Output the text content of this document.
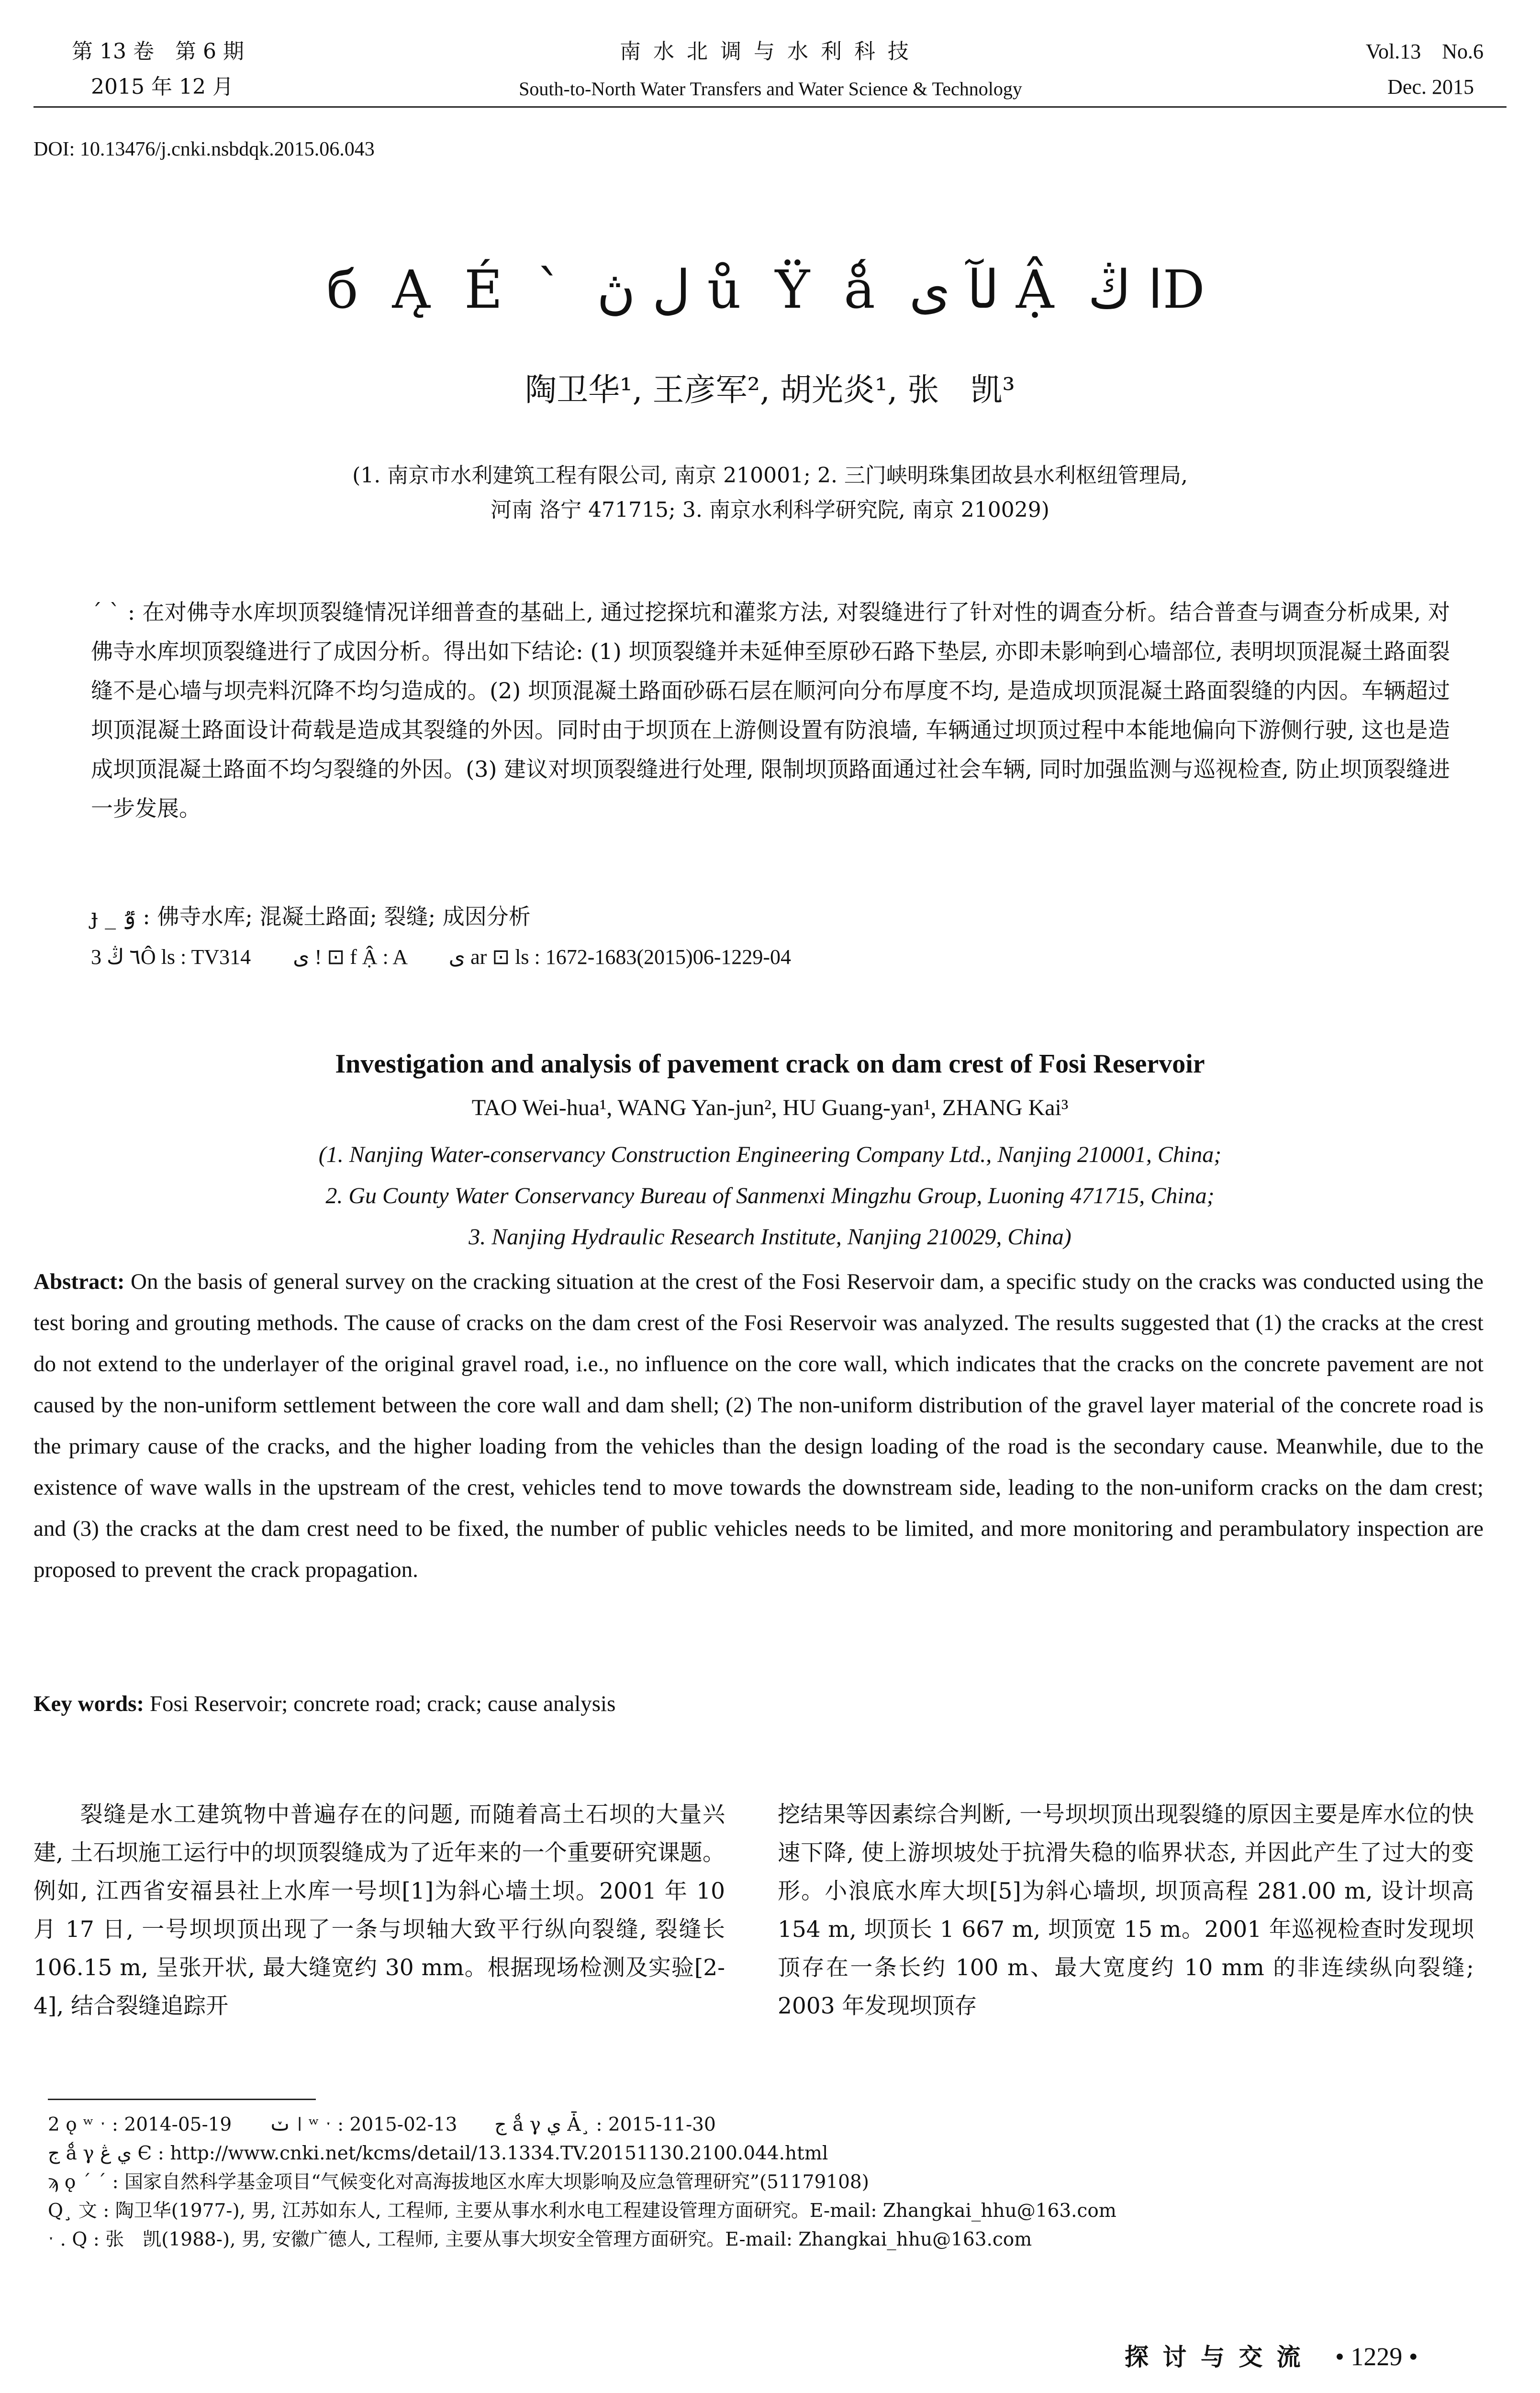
第 13 卷　第 6 期
2015 年 12 月
南 水 北 调 与 水 利 科 技
South-to-North Water Transfers and Water Science & Technology
Vol.13　No.6
Dec. 2015
DOI: 10.13476/j.cnki.nsbdqk.2015.06.043
б Ą É ˋ ل ڽ ů Ÿ ǻ لآ ی Ậ ا ڭD
陶卫华¹, 王彦军², 胡光炎¹, 张　凯³
(1. 南京市水利建筑工程有限公司, 南京 210001; 2. 三门峡明珠集团故县水利枢纽管理局,
河南 洛宁 471715; 3. 南京水利科学研究院, 南京 210029)
ˊ ˋ : 在对佛寺水库坝顶裂缝情况详细普查的基础上, 通过挖探坑和灌浆方法, 对裂缝进行了针对性的调查分析。结合普查与调查分析成果, 对佛寺水库坝顶裂缝进行了成因分析。得出如下结论: (1) 坝顶裂缝并未延伸至原砂石路下垫层, 亦即未影响到心墙部位, 表明坝顶混凝土路面裂缝不是心墙与坝壳料沉降不均匀造成的。(2) 坝顶混凝土路面砂砾石层在顺河向分布厚度不均, 是造成坝顶混凝土路面裂缝的内因。车辆超过坝顶混凝土路面设计荷载是造成其裂缝的外因。同时由于坝顶在上游侧设置有防浪墙, 车辆通过坝顶过程中本能地偏向下游侧行驶, 这也是造成坝顶混凝土路面不均匀裂缝的外因。(3) 建议对坝顶裂缝进行处理, 限制坝顶路面通过社会车辆, 同时加强监测与巡视检查, 防止坝顶裂缝进一步发展。
ɟ _ ٷ : 佛寺水库; 混凝土路面; 裂缝; 成因分析
3 ٦ ڭÔ ls : TV314　　ی ǃ ⊡ f Ậ : A　　ی ar ⊡ ls : 1672-1683(2015)06-1229-04
Investigation and analysis of pavement crack on dam crest of Fosi Reservoir
TAO Wei-hua¹, WANG Yan-jun², HU Guang-yan¹, ZHANG Kai³
(1. Nanjing Water-conservancy Construction Engineering Company Ltd., Nanjing 210001, China;
2. Gu County Water Conservancy Bureau of Sanmenxi Mingzhu Group, Luoning 471715, China;
3. Nanjing Hydraulic Research Institute, Nanjing 210029, China)
Abstract: On the basis of general survey on the cracking situation at the crest of the Fosi Reservoir dam, a specific study on the cracks was conducted using the test boring and grouting methods. The cause of cracks on the dam crest of the Fosi Reservoir was analyzed. The results suggested that (1) the cracks at the crest do not extend to the underlayer of the original gravel road, i.e., no influence on the core wall, which indicates that the cracks on the concrete pavement are not caused by the non-uniform settlement between the core wall and dam shell; (2) The non-uniform distribution of the gravel layer material of the concrete road is the primary cause of the cracks, and the higher loading from the vehicles than the design loading of the road is the secondary cause. Meanwhile, due to the existence of wave walls in the upstream of the crest, vehicles tend to move towards the downstream side, leading to the non-uniform cracks on the dam crest; and (3) the cracks at the dam crest need to be fixed, the number of public vehicles needs to be limited, and more monitoring and perambulatory inspection are proposed to prevent the crack propagation.
Key words: Fosi Reservoir; concrete road; crack; cause analysis
　　裂缝是水工建筑物中普遍存在的问题, 而随着高土石坝的大量兴建, 土石坝施工运行中的坝顶裂缝成为了近年来的一个重要研究课题。例如, 江西省安福县社上水库一号坝[1]为斜心墙土坝。2001 年 10 月 17 日, 一号坝坝顶出现了一条与坝轴大致平行纵向裂缝, 裂缝长 106.15 m, 呈张开状, 最大缝宽约 30 mm。根据现场检测及实验[2-4], 结合裂缝追踪开
挖结果等因素综合判断, 一号坝坝顶出现裂缝的原因主要是库水位的快速下降, 使上游坝坡处于抗滑失稳的临界状态, 并因此产生了过大的变形。小浪底水库大坝[5]为斜心墙坝, 坝顶高程 281.00 m, 设计坝高 154 m, 坝顶长 1 667 m, 坝顶宽 15 m。2001 年巡视检查时发现坝顶存在一条长约 100 m、最大宽度约 10 mm 的非连续纵向裂缝; 2003 年发现坝顶存
2 ǫ ʷ ˑ : 2014-05-19　　ݖ ǀ ʷ ˑ : 2015-02-13　　ج ǻ γ ي Ǡ¸ : 2015-11-30
ج ǻ γ ي ڠ Є : http://www.cnki.net/kcms/detail/13.1334.TV.20151130.2100.044.html
ϡ ǫ ˊ ˊ : 国家自然科学基金项目“气候变化对高海拔地区水库大坝影响及应急管理研究”(51179108)
Q¸ 文 : 陶卫华(1977-), 男, 江苏如东人, 工程师, 主要从事水利水电工程建设管理方面研究。E-mail: Zhangkai_hhu@163.com
ˑ . Q : 张　凯(1988-), 男, 安徽广德人, 工程师, 主要从事大坝安全管理方面研究。E-mail: Zhangkai_hhu@163.com
探 讨 与 交 流	• 1229 •
